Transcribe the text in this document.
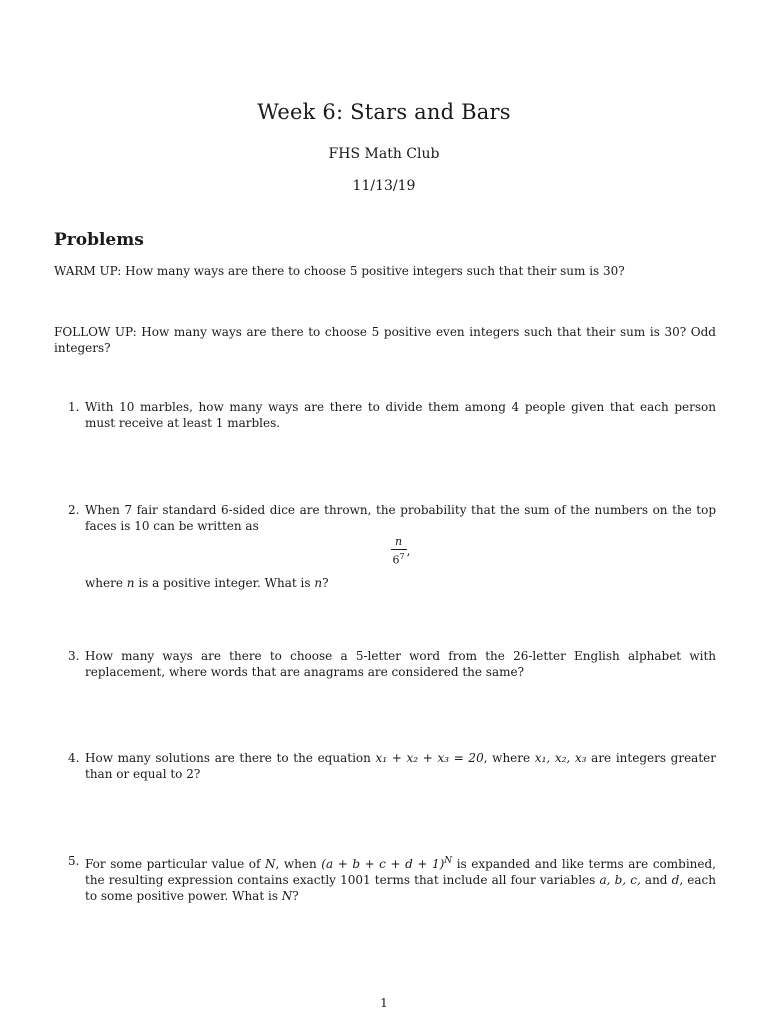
Week 6: Stars and Bars
FHS Math Club
11/13/19
Problems
WARM UP: How many ways are there to choose 5 positive integers such that their sum is 30?
FOLLOW UP: How many ways are there to choose 5 positive even integers such that their sum is 30? Odd integers?
1. With 10 marbles, how many ways are there to divide them among 4 people given that each person must receive at least 1 marbles.
2. When 7 fair standard 6-sided dice are thrown, the probability that the sum of the numbers on the top faces is 10 can be written as
$\frac{n}{6^7}$ ,
where n is a positive integer. What is n?
3. How many ways are there to choose a 5-letter word from the 26-letter English alphabet with replacement, where words that are anagrams are considered the same?
4. How many solutions are there to the equation x₁ + x₂ + x₃ = 20, where x₁, x₂, x₃ are integers greater than or equal to 2?
5. For some particular value of N, when $(a + b + c + d + 1)^N$ is expanded and like terms are combined, the resulting expression contains exactly 1001 terms that include all four variables a, b, c, and d, each to some positive power. What is N?
1
